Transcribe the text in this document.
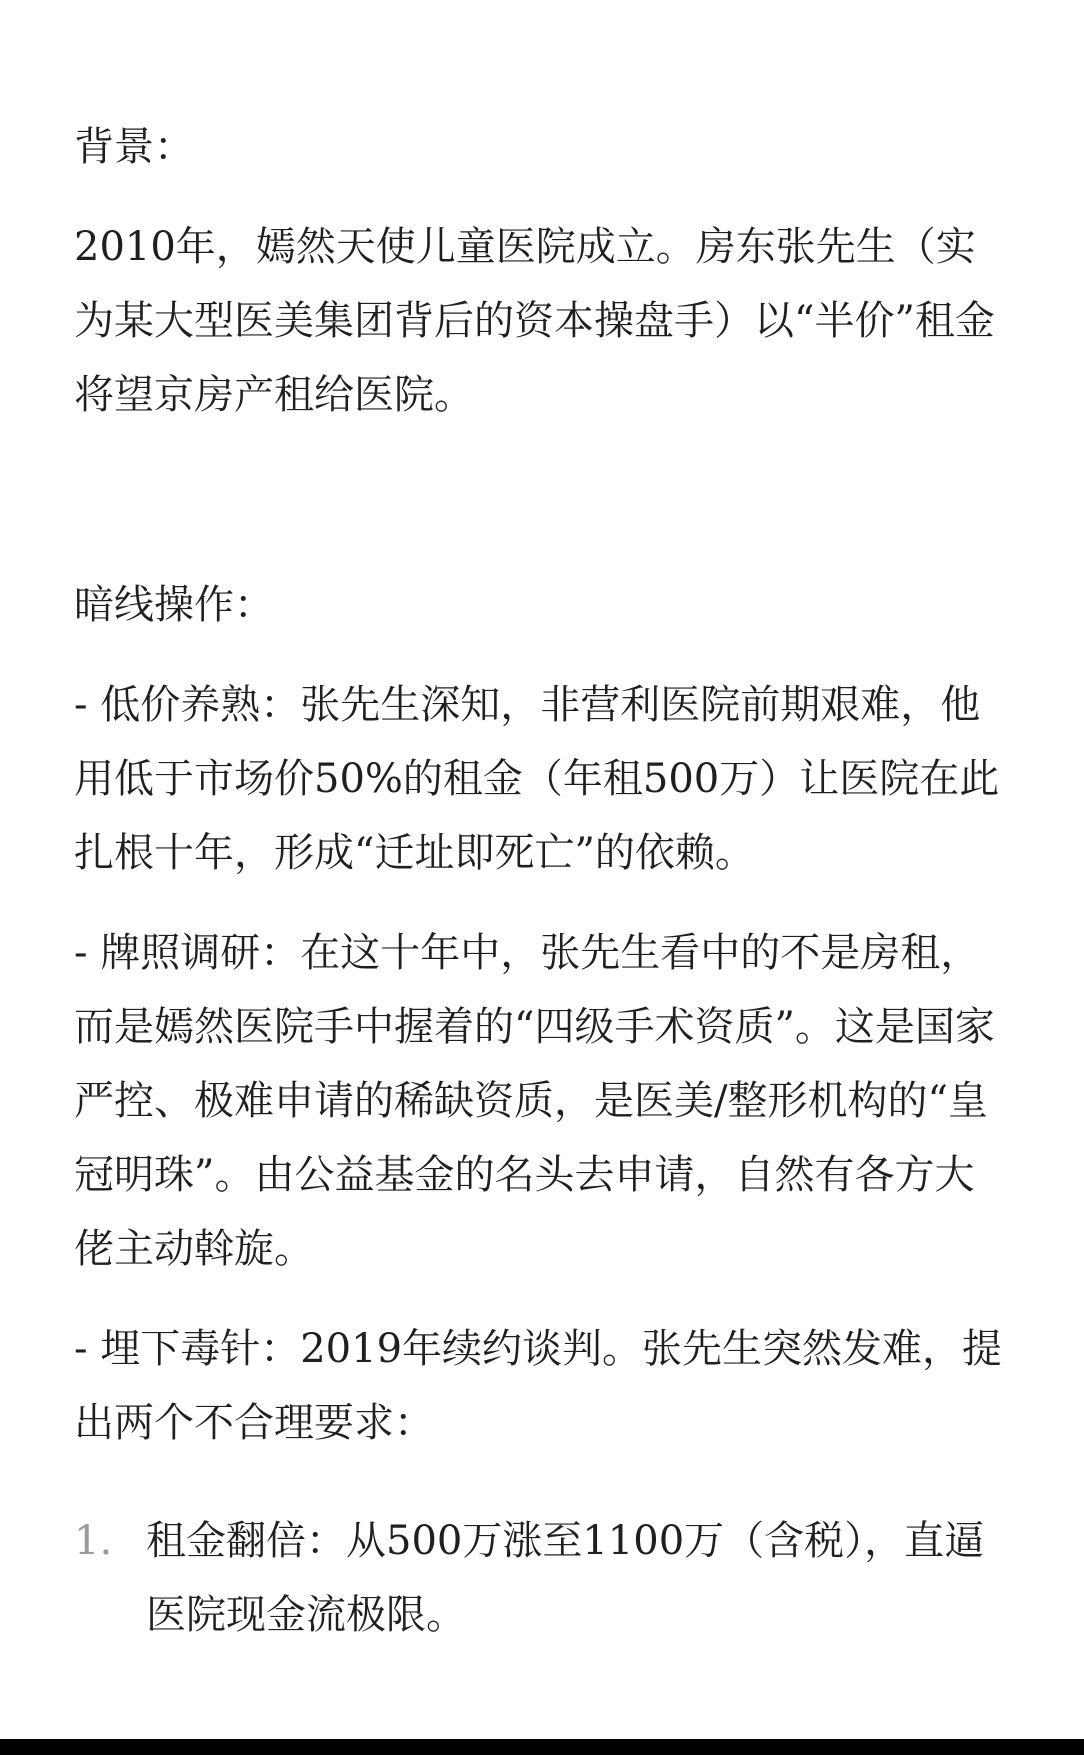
背景：
2010年，嫣然天使儿童医院成立。房东张先生（实为某大型医美集团背后的资本操盘手）以“半价”租金将望京房产租给医院。
暗线操作：
- 低价养熟：张先生深知，非营利医院前期艰难，他用低于市场价50%的租金（年租500万）让医院在此扎根十年，形成“迁址即死亡”的依赖。
- 牌照调研：在这十年中，张先生看中的不是房租，而是嫣然医院手中握着的“四级手术资质”。这是国家严控、极难申请的稀缺资质，是医美/整形机构的“皇冠明珠”。由公益基金的名头去申请，自然有各方大佬主动斡旋。
- 埋下毒针：2019年续约谈判。张先生突然发难，提出两个不合理要求：
1. 租金翻倍：从500万涨至1100万（含税），直逼医院现金流极限。
